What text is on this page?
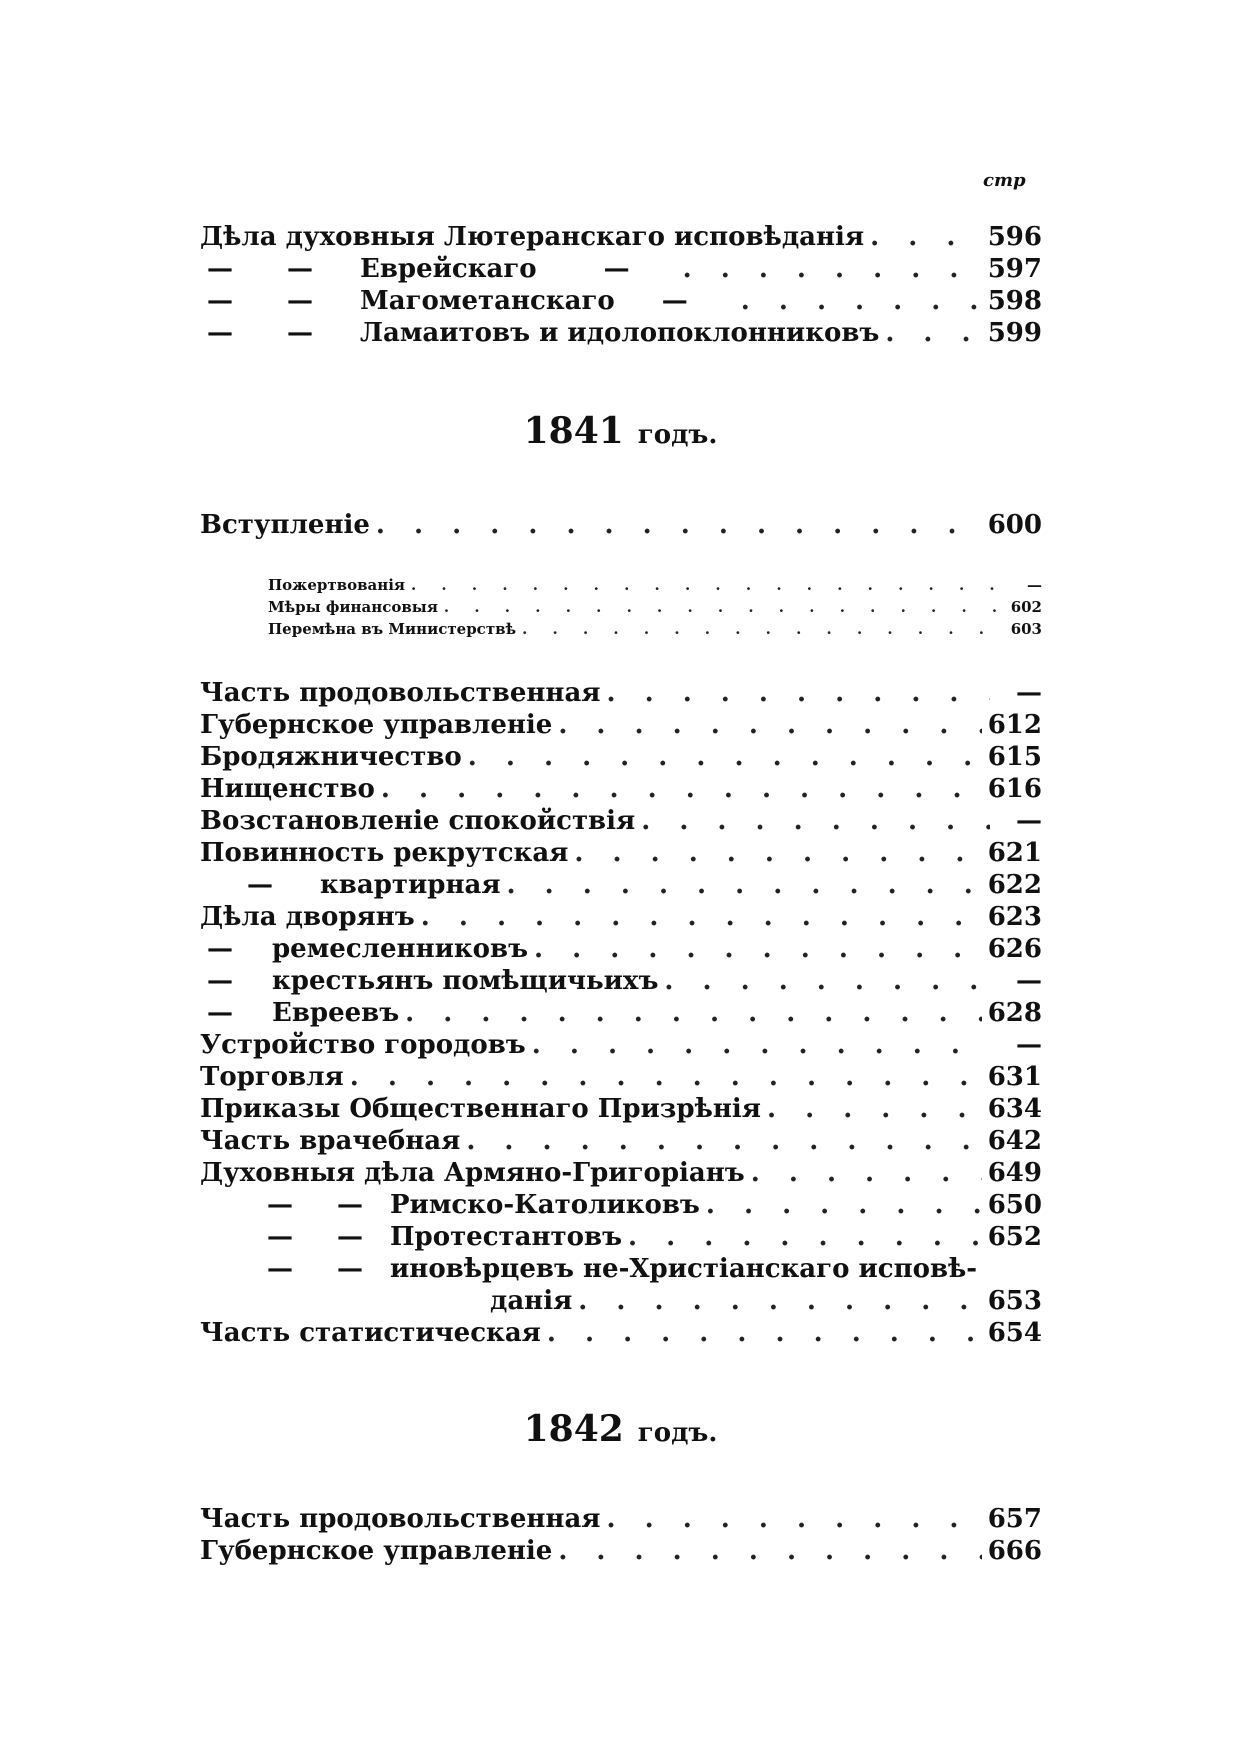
стр
Дѣла духовныя Лютеранскаго исповѣданія . . .	596
— — Еврейскаго	— . . .	597
— — Магометанскаго — . . .	598
— — Ламаитовъ и идолопоклонниковъ . . .	599
1841 годъ.
Вступленіе . . .	600
Пожертвованія . . .	—
Мѣры финансовыя . . .	602
Перемѣна въ Министерствѣ . . .	603
Часть продовольственная . . .	—
Губернское управленіе . . .	612
Бродяжничество . . .	615
Нищенство . . .	616
Возстановленіе спокойствія . . .	—
Повинность рекрутская . . .	621
— квартирная . . .	622
Дѣла дворянъ . . .	623
— ремесленниковъ . . .	626
— крестьянъ помѣщичьихъ . . .	—
— Евреевъ . . .	628
Устройство городовъ . . .	—
Торговля . . .	631
Приказы Общественнаго Призрѣнія . . .	634
Часть врачебная . . .	642
Духовныя дѣла Армяно-Григоріанъ . . .	649
— — Римско-Католиковъ . . .	650
— — Протестантовъ . . .	652
— — иновѣрцевъ не-Христіанскаго исповѣ-
данія . . .	653
Часть статистическая . . .	654
1842 годъ.
Часть продовольственная . . .	657
Губернское управленіе . . .	666
